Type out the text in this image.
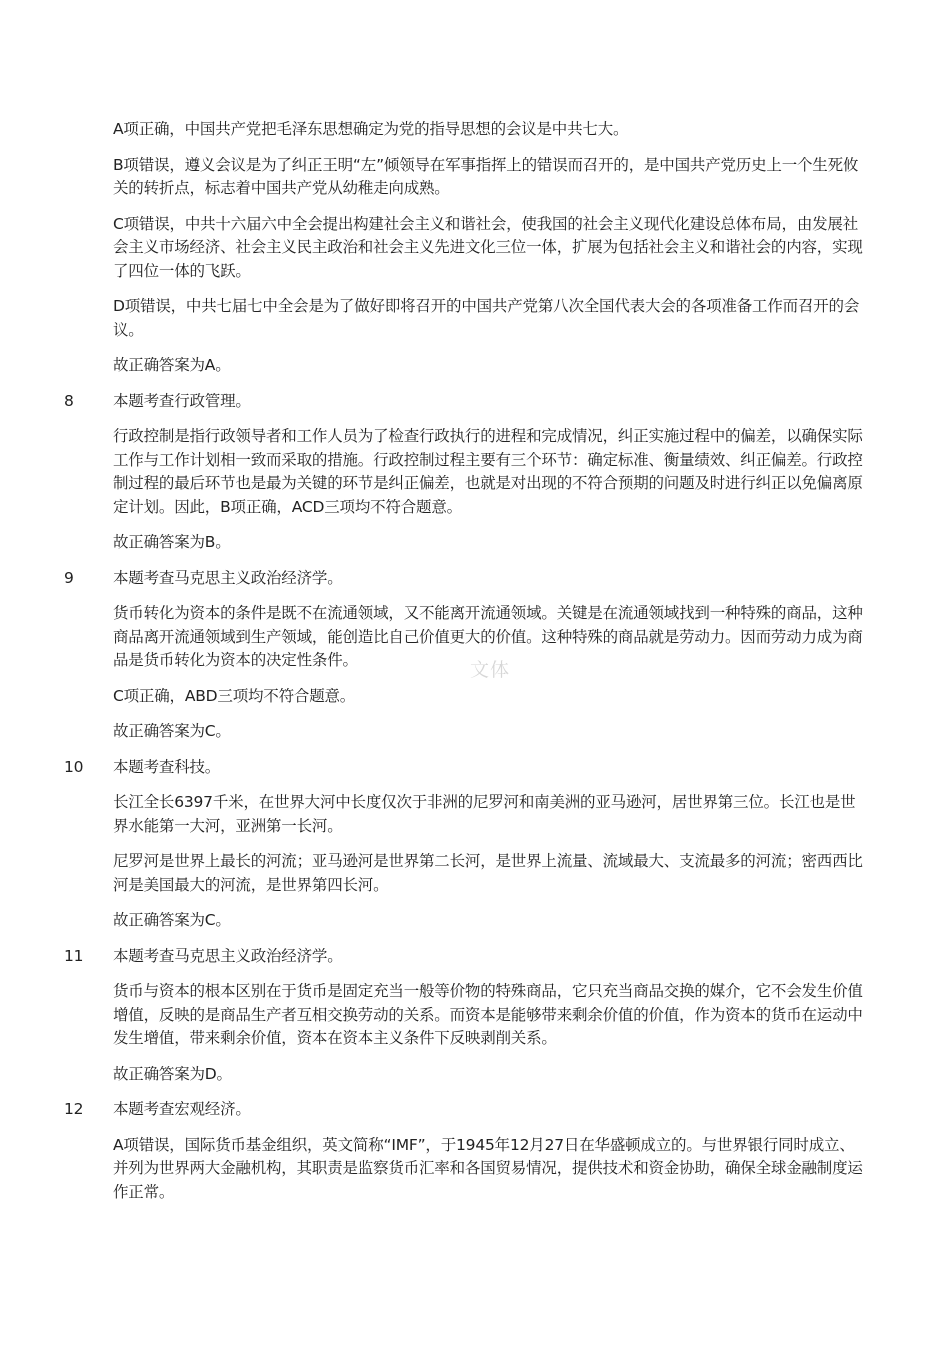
A项正确，中国共产党把毛泽东思想确定为党的指导思想的会议是中共七大。
B项错误，遵义会议是为了纠正王明“左”倾领导在军事指挥上的错误而召开的，是中国共产党历史上一个生死攸关的转折点，标志着中国共产党从幼稚走向成熟。
C项错误，中共十六届六中全会提出构建社会主义和谐社会，使我国的社会主义现代化建设总体布局，由发展社会主义市场经济、社会主义民主政治和社会主义先进文化三位一体，扩展为包括社会主义和谐社会的内容，实现了四位一体的飞跃。
D项错误，中共七届七中全会是为了做好即将召开的中国共产党第八次全国代表大会的各项准备工作而召开的会议。
故正确答案为A。
8	本题考查行政管理。
行政控制是指行政领导者和工作人员为了检查行政执行的进程和完成情况，纠正实施过程中的偏差，以确保实际工作与工作计划相一致而采取的措施。行政控制过程主要有三个环节：确定标准、衡量绩效、纠正偏差。行政控制过程的最后环节也是最为关键的环节是纠正偏差，也就是对出现的不符合预期的问题及时进行纠正以免偏离原定计划。因此，B项正确，ACD三项均不符合题意。
故正确答案为B。
9	本题考查马克思主义政治经济学。
货币转化为资本的条件是既不在流通领域，又不能离开流通领域。关键是在流通领域找到一种特殊的商品，这种商品离开流通领域到生产领域，能创造比自己价值更大的价值。这种特殊的商品就是劳动力。因而劳动力成为商品是货币转化为资本的决定性条件。
C项正确，ABD三项均不符合题意。
故正确答案为C。
10 本题考查科技。
长江全长6397千米，在世界大河中长度仅次于非洲的尼罗河和南美洲的亚马逊河，居世界第三位。长江也是世界水能第一大河，亚洲第一长河。
尼罗河是世界上最长的河流；亚马逊河是世界第二长河，是世界上流量、流域最大、支流最多的河流；密西西比河是美国最大的河流，是世界第四长河。
故正确答案为C。
11 本题考查马克思主义政治经济学。
货币与资本的根本区别在于货币是固定充当一般等价物的特殊商品，它只充当商品交换的媒介，它不会发生价值增值，反映的是商品生产者互相交换劳动的关系。而资本是能够带来剩余价值的价值，作为资本的货币在运动中发生增值，带来剩余价值，资本在资本主义条件下反映剥削关系。
故正确答案为D。
12 本题考查宏观经济。
A项错误，国际货币基金组织，英文简称“IMF”，于1945年12月27日在华盛顿成立的。与世界银行同时成立、并列为世界两大金融机构，其职责是监察货币汇率和各国贸易情况，提供技术和资金协助，确保全球金融制度运作正常。
文体
